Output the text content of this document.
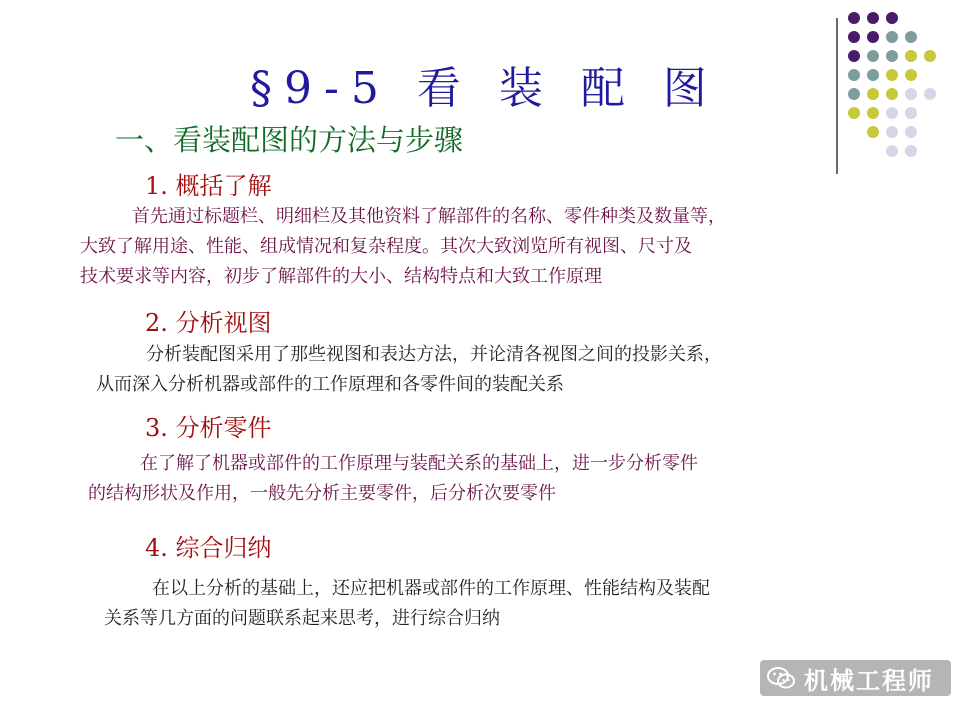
§9-5 看 装 配 图
一、看装配图的方法与步骤
1. 概括了解
首先通过标题栏、明细栏及其他资料了解部件的名称、零件种类及数量等，
大致了解用途、性能、组成情况和复杂程度。其次大致浏览所有视图、尺寸及
技术要求等内容，初步了解部件的大小、结构特点和大致工作原理
2. 分析视图
分析装配图采用了那些视图和表达方法，并论清各视图之间的投影关系，
从而深入分析机器或部件的工作原理和各零件间的装配关系
3. 分析零件
在了解了机器或部件的工作原理与装配关系的基础上，进一步分析零件
的结构形状及作用，一般先分析主要零件，后分析次要零件
4. 综合归纳
在以上分析的基础上，还应把机器或部件的工作原理、性能结构及装配
关系等几方面的问题联系起来思考，进行综合归纳
机械工程师
